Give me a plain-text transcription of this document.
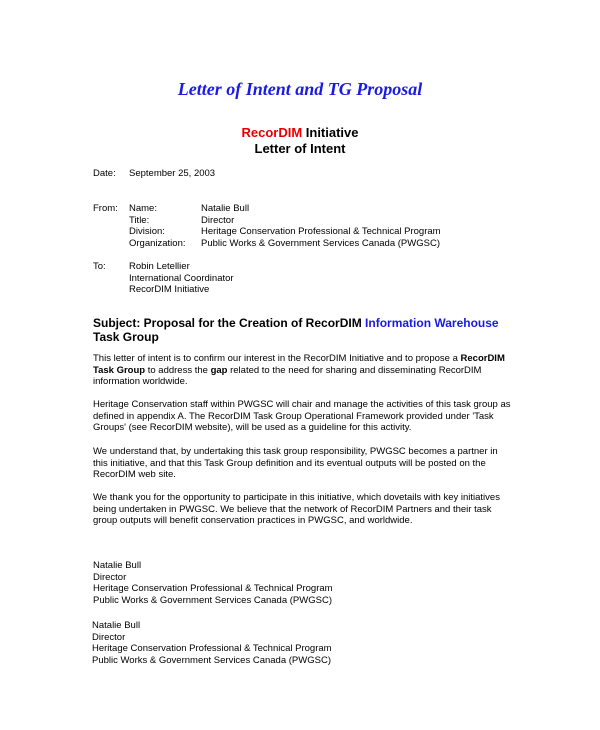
Letter of Intent and TG Proposal
RecorDIM Initiative
Letter of Intent
Date: September 25, 2003
From: Name:	Natalie Bull
Title:	Director
Division:	Heritage Conservation Professional & Technical Program
Organization: Public Works & Government Services Canada (PWGSC)
To: Robin Letellier
International Coordinator
RecorDIM Initiative
Subject: Proposal for the Creation of RecorDIM Information Warehouse Task Group

This letter of intent is to confirm our interest in the RecorDIM Initiative and to propose a RecorDIM Task Group to address the gap related to the need for sharing and disseminating RecorDIM information worldwide.

Heritage Conservation staff within PWGSC will chair and manage the activities of this task group as defined in appendix A. The RecorDIM Task Group Operational Framework provided under 'Task Groups' (see RecorDIM website), will be used as a guideline for this activity.

We understand that, by undertaking this task group responsibility, PWGSC becomes a partner in this initiative, and that this Task Group definition and its eventual outputs will be posted on the RecorDIM web site.

We thank you for the opportunity to participate in this initiative, which dovetails with key initiatives being undertaken in PWGSC. We believe that the network of RecorDIM Partners and their task group outputs will benefit conservation practices in PWGSC, and worldwide.

Natalie Bull
Director
Heritage Conservation Professional & Technical Program
Public Works & Government Services Canada (PWGSC)
Natalie Bull
Director
Heritage Conservation Professional & Technical Program
Public Works & Government Services Canada (PWGSC)
